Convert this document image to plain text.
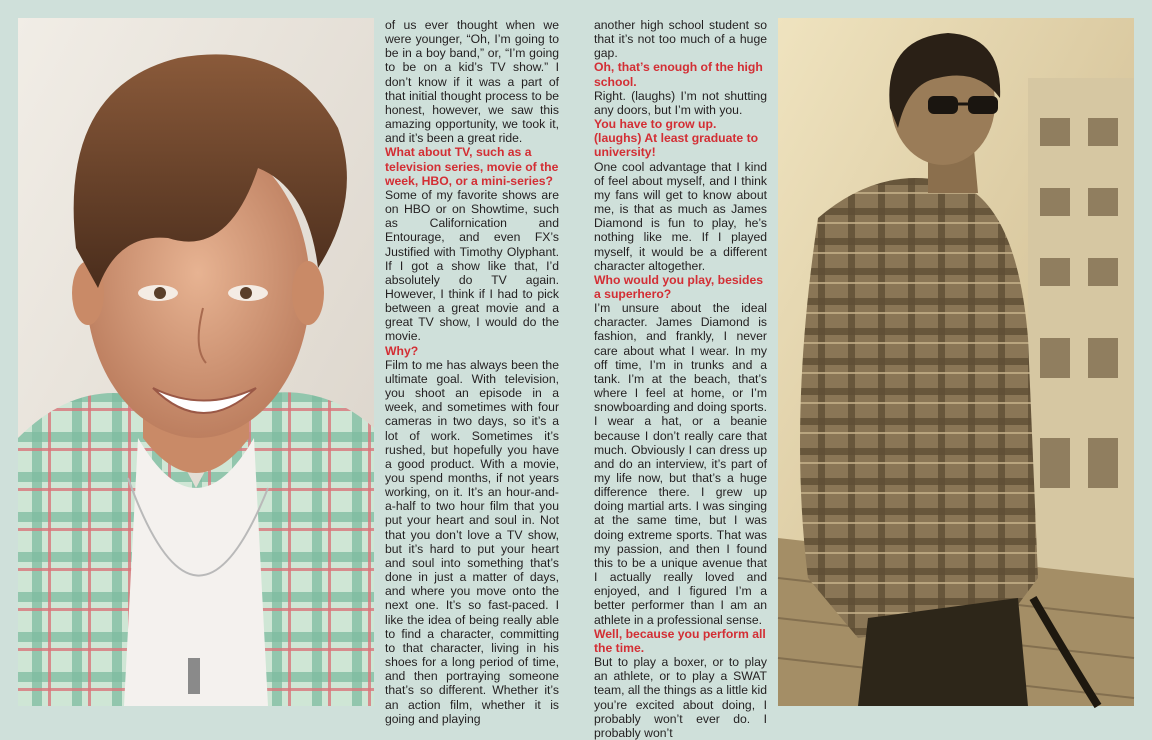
of us ever thought when we were younger, “Oh, I’m going to be in a boy band,” or, “I’m going to be on a kid’s TV show.” I don’t know if it was a part of that initial thought process to be honest, however, we saw this amazing opportunity, we took it, and it’s been a great ride.

What about TV, such as a television series, movie of the week, HBO, or a mini-series?

Some of my favorite shows are on HBO or on Showtime, such as Californication and Entourage, and even FX’s Justified with Timothy Olyphant. If I got a show like that, I’d absolutely do TV again. However, I think if I had to pick between a great movie and a great TV show, I would do the movie.

Why?

Film to me has always been the ultimate goal. With television, you shoot an episode in a week, and sometimes with four cameras in two days, so it’s a lot of work. Sometimes it’s rushed, but hopefully you have a good product. With a movie, you spend months, if not years working, on it. It’s an hour-and-a-half to two hour film that you put your heart and soul in. Not that you don’t love a TV show, but it’s hard to put your heart and soul into something that’s done in just a matter of days, and where you move onto the next one. It’s so fast-paced. I like the idea of being really able to find a character, committing to that character, living in his shoes for a long period of time, and then portraying someone that’s so different. Whether it’s an action film, whether it is going and playing

another high school student so that it’s not too much of a huge gap.

Oh, that’s enough of the high school.

Right. (laughs) I’m not shutting any doors, but I’m with you.

You have to grow up. (laughs) At least graduate to university!

One cool advantage that I kind of feel about myself, and I think my fans will get to know about me, is that as much as James Diamond is fun to play, he’s nothing like me. If I played myself, it would be a different character altogether.

Who would you play, besides a superhero?

I’m unsure about the ideal character. James Diamond is fashion, and frankly, I never care about what I wear. In my off time, I’m in trunks and a tank. I’m at the beach, that’s where I feel at home, or I’m snowboarding and doing sports. I wear a hat, or a beanie because I don’t really care that much. Obviously I can dress up and do an interview, it’s part of my life now, but that’s a huge difference there. I grew up doing martial arts. I was singing at the same time, but I was doing extreme sports. That was my passion, and then I found this to be a unique avenue that I actually really loved and enjoyed, and I figured I’m a better performer than I am an athlete in a professional sense.

Well, because you perform all the time.

But to play a boxer, or to play an athlete, or to play a SWAT team, all the things as a little kid you’re excited about doing, I probably won’t ever do. I probably won’t
